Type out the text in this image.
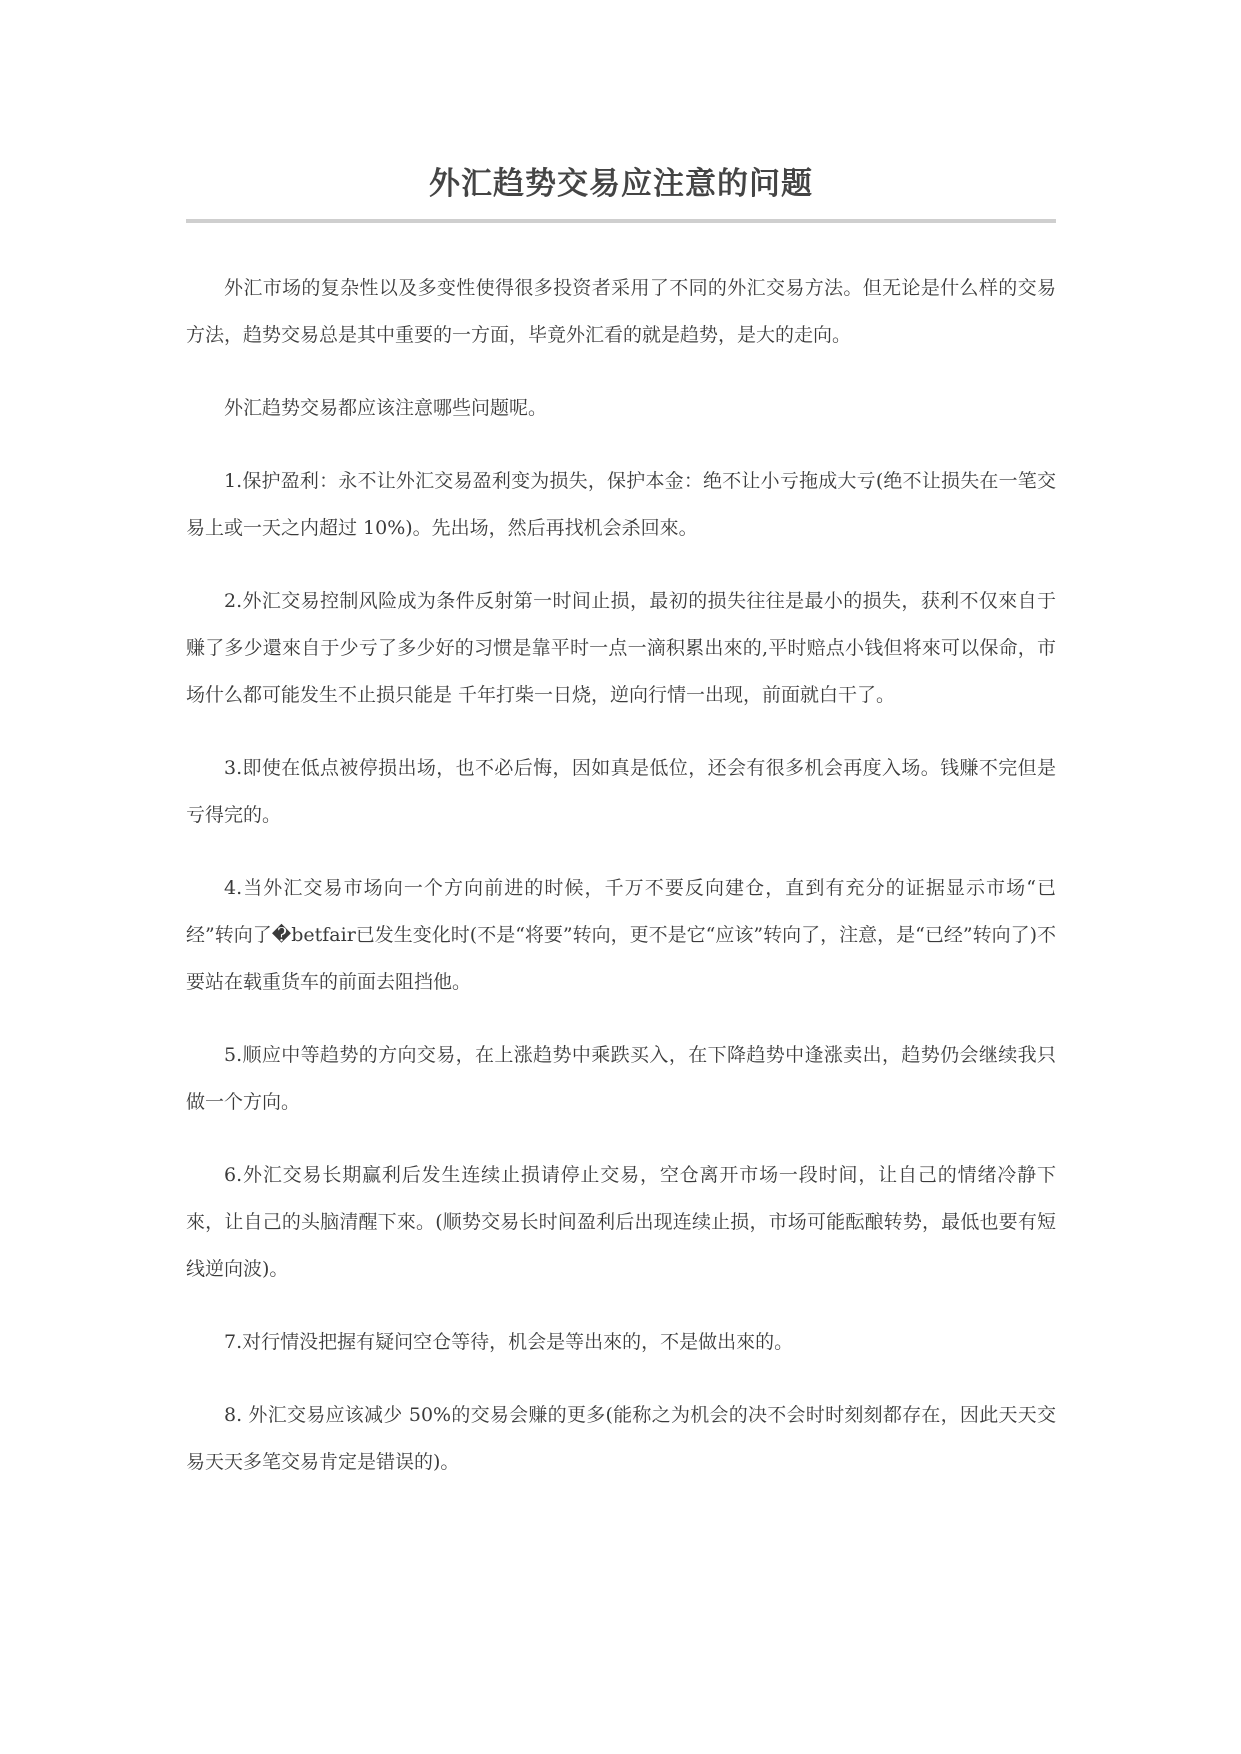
外汇趋势交易应注意的问题

外汇市场的复杂性以及多变性使得很多投资者采用了不同的外汇交易方法。但无论是什么样的交易方法，趋势交易总是其中重要的一方面，毕竟外汇看的就是趋势，是大的走向。

外汇趋势交易都应该注意哪些问题呢。

1.保护盈利：永不让外汇交易盈利变为损失，保护本金：绝不让小亏拖成大亏(绝不让损失在一笔交易上或一天之内超过 10%)。先出场，然后再找机会杀回來。

2.外汇交易控制风险成为条件反射第一时间止损，最初的损失往往是最小的损失，获利不仅來自于赚了多少還來自于少亏了多少好的习惯是靠平时一点一滴积累出來的,平时赔点小钱但将來可以保命，市场什么都可能发生不止损只能是 千年打柴一日烧，逆向行情一出现，前面就白干了。

3.即使在低点被停损出场，也不必后悔，因如真是低位，还会有很多机会再度入场。钱赚不完但是亏得完的。

4.当外汇交易市场向一个方向前进的时候，千万不要反向建仓，直到有充分的证据显示市场“已经”转向了�betfair已发生变化时(不是“将要”转向，更不是它“应该”转向了，注意，是“已经”转向了)不要站在载重货车的前面去阻挡他。

5.顺应中等趋势的方向交易，在上涨趋势中乘跌买入，在下降趋势中逢涨卖出，趋势仍会继续我只做一个方向。

6.外汇交易长期赢利后发生连续止损请停止交易，空仓离开市场一段时间，让自己的情绪冷静下來，让自己的头脑清醒下來。(顺势交易长时间盈利后出现连续止损，市场可能酝酿转势，最低也要有短线逆向波)。

7.对行情没把握有疑问空仓等待，机会是等出來的，不是做出來的。

8. 外汇交易应该减少 50%的交易会赚的更多(能称之为机会的决不会时时刻刻都存在，因此天天交易天天多笔交易肯定是错误的)。
